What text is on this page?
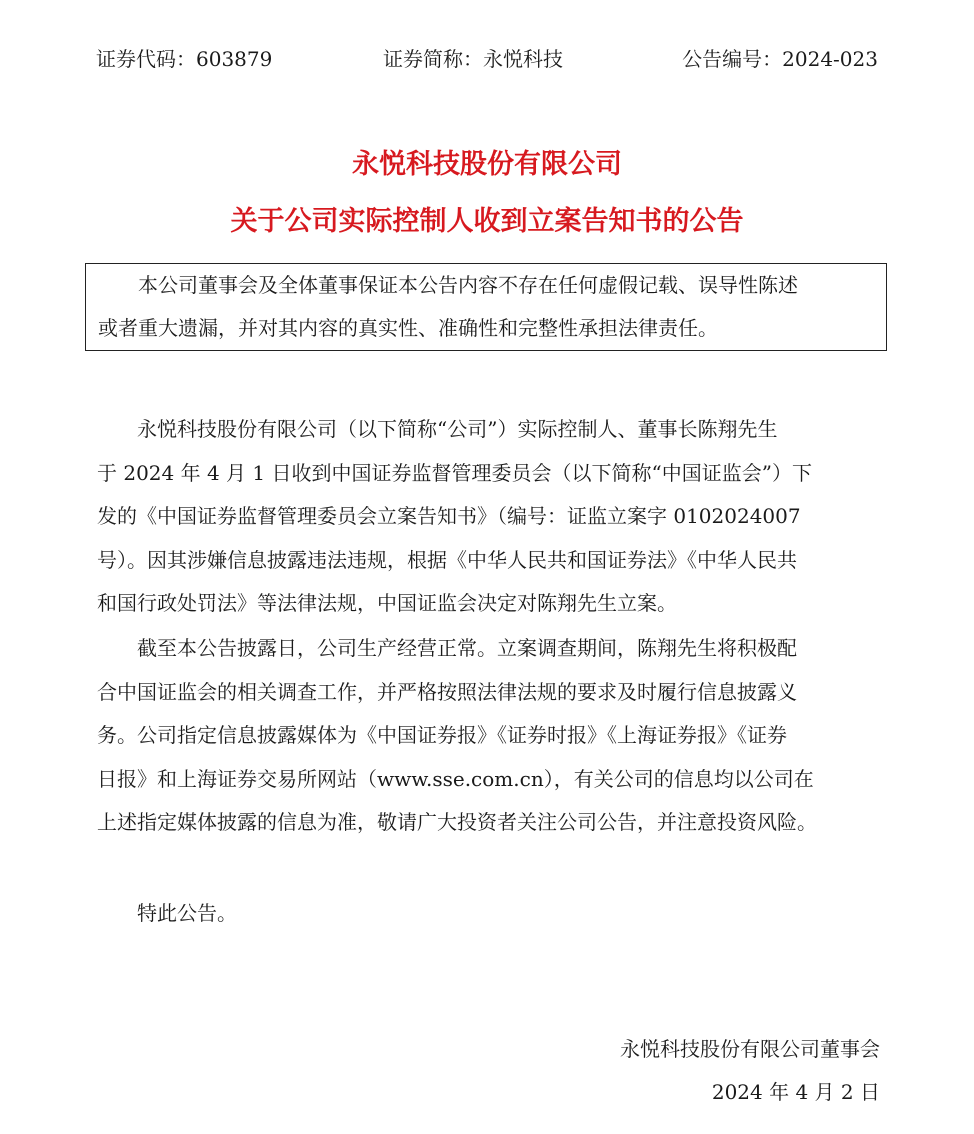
证券代码：603879	证券简称：永悦科技	公告编号：2024-023
永悦科技股份有限公司
关于公司实际控制人收到立案告知书的公告
　　本公司董事会及全体董事保证本公告内容不存在任何虚假记载、误导性陈述
或者重大遗漏，并对其内容的真实性、准确性和完整性承担法律责任。
　　永悦科技股份有限公司（以下简称“公司”）实际控制人、董事长陈翔先生
于 2024 年 4 月 1 日收到中国证券监督管理委员会（以下简称“中国证监会”）下
发的《中国证券监督管理委员会立案告知书》（编号：证监立案字 0102024007
号）。因其涉嫌信息披露违法违规，根据《中华人民共和国证券法》《中华人民共
和国行政处罚法》等法律法规，中国证监会决定对陈翔先生立案。
　　截至本公告披露日，公司生产经营正常。立案调查期间，陈翔先生将积极配
合中国证监会的相关调查工作，并严格按照法律法规的要求及时履行信息披露义
务。公司指定信息披露媒体为《中国证券报》《证券时报》《上海证券报》《证券
日报》和上海证券交易所网站（www.sse.com.cn），有关公司的信息均以公司在
上述指定媒体披露的信息为准，敬请广大投资者关注公司公告，并注意投资风险。
　　特此公告。
永悦科技股份有限公司董事会
2024 年 4 月 2 日
